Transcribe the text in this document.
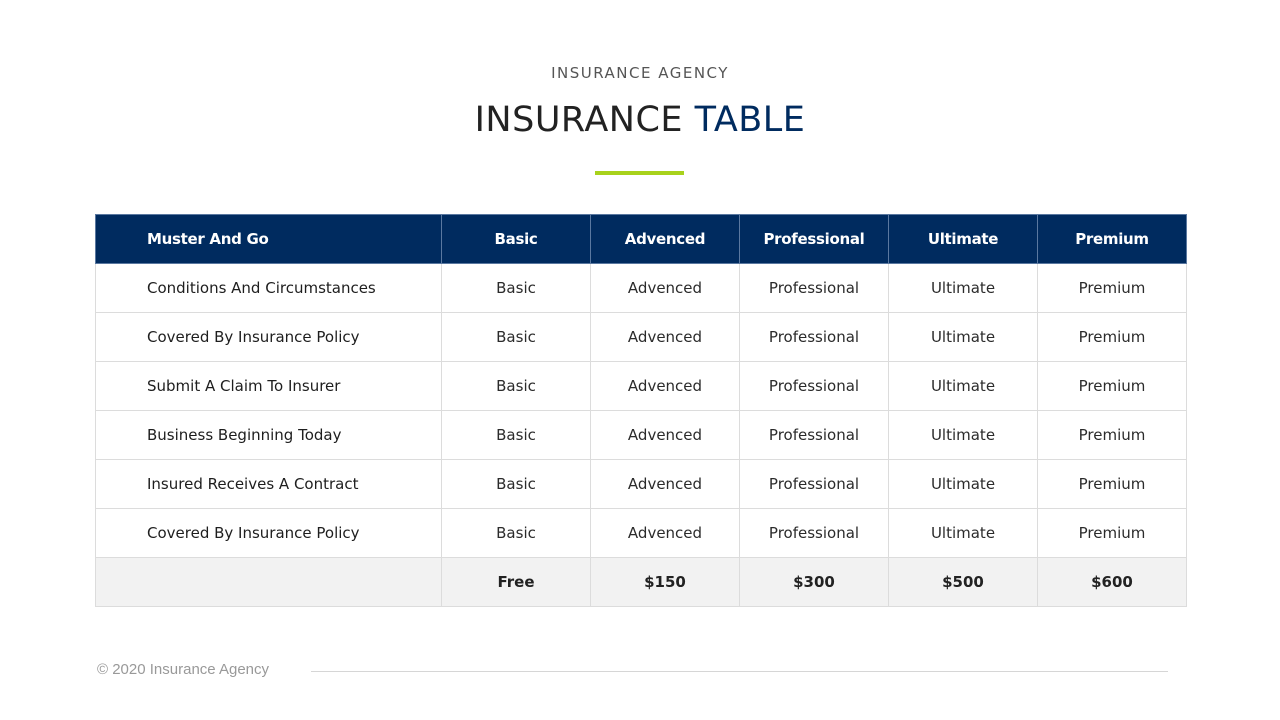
INSURANCE AGENCY
INSURANCE TABLE
Muster And Go	Basic	Advenced	Professional	Ultimate	Premium
Conditions And Circumstances	Basic	Advenced	Professional	Ultimate	Premium
Covered By Insurance Policy	Basic	Advenced	Professional	Ultimate	Premium
Submit A Claim To Insurer	Basic	Advenced	Professional	Ultimate	Premium
Business Beginning Today	Basic	Advenced	Professional	Ultimate	Premium
Insured Receives A Contract	Basic	Advenced	Professional	Ultimate	Premium
Covered By Insurance Policy	Basic	Advenced	Professional	Ultimate	Premium
	Free	$150	$300	$500	$600
© 2020 Insurance Agency
